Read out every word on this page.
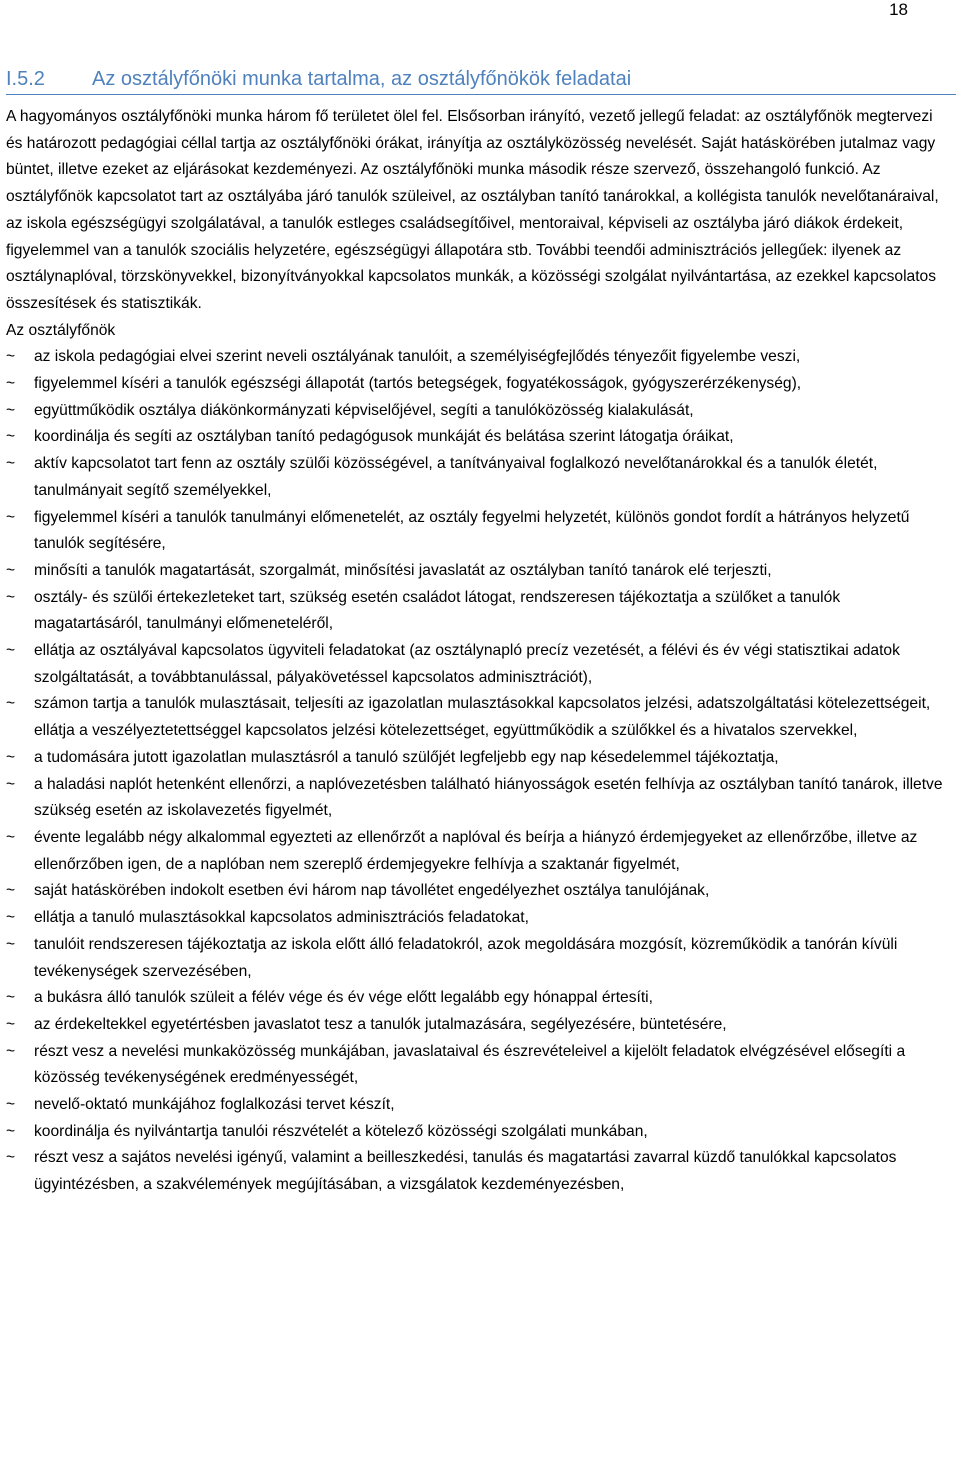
18
I.5.2 Az osztályfőnöki munka tartalma, az osztályfőnökök feladatai

A hagyományos osztályfőnöki munka három fő területet ölel fel. Elsősorban irányító, vezető jellegű feladat: az osztályfőnök megtervezi és határozott pedagógiai céllal tartja az osztályfőnöki órákat, irányítja az osztályközösség nevelését. Saját hatáskörében jutalmaz vagy büntet, illetve ezeket az eljárásokat kezdeményezi. Az osztályfőnöki munka második része szervező, összehangoló funkció. Az osztályfőnök kapcsolatot tart az osztályába járó tanulók szüleivel, az osztályban tanító tanárokkal, a kollégista tanulók nevelőtanáraival, az iskola egészségügyi szolgálatával, a tanulók estleges családsegítőivel, mentoraival, képviseli az osztályba járó diákok érdekeit, figyelemmel van a tanulók szociális helyzetére, egészségügyi állapotára stb. További teendői adminisztrációs jellegűek: ilyenek az osztálynaplóval, törzskönyvekkel, bizonyítványokkal kapcsolatos munkák, a közösségi szolgálat nyilvántartása, az ezekkel kapcsolatos összesítések és statisztikák.

Az osztályfőnök

~	az iskola pedagógiai elvei szerint neveli osztályának tanulóit, a személyiségfejlődés tényezőit figyelembe veszi,
~	figyelemmel kíséri a tanulók egészségi állapotát (tartós betegségek, fogyatékosságok, gyógyszerérzékenység),
~	együttműködik osztálya diákönkormányzati képviselőjével, segíti a tanulóközösség kialakulását,
~	koordinálja és segíti az osztályban tanító pedagógusok munkáját és belátása szerint látogatja óráikat,
~	aktív kapcsolatot tart fenn az osztály szülői közösségével, a tanítványaival foglalkozó nevelőtanárokkal és a tanulók életét, tanulmányait segítő személyekkel,
~	figyelemmel kíséri a tanulók tanulmányi előmenetelét, az osztály fegyelmi helyzetét, különös gondot fordít a hátrányos helyzetű tanulók segítésére,
~	minősíti a tanulók magatartását, szorgalmát, minősítési javaslatát az osztályban tanító tanárok elé terjeszti,
~	osztály- és szülői értekezleteket tart, szükség esetén családot látogat, rendszeresen tájékoztatja a szülőket a tanulók magatartásáról, tanulmányi előmeneteléről,
~	ellátja az osztályával kapcsolatos ügyviteli feladatokat (az osztálynapló precíz vezetését, a félévi és év végi statisztikai adatok szolgáltatását, a továbbtanulással, pályakövetéssel kapcsolatos adminisztrációt),
~	számon tartja a tanulók mulasztásait, teljesíti az igazolatlan mulasztásokkal kapcsolatos jelzési, adatszolgáltatási kötelezettségeit, ellátja a veszélyeztetettséggel kapcsolatos jelzési kötelezettséget, együttműködik a szülőkkel és a hivatalos szervekkel,
~	a tudomására jutott igazolatlan mulasztásról a tanuló szülőjét legfeljebb egy nap késedelemmel tájékoztatja,
~	a haladási naplót hetenként ellenőrzi, a naplóvezetésben található hiányosságok esetén felhívja az osztályban tanító tanárok, illetve szükség esetén az iskolavezetés figyelmét,
~	évente legalább négy alkalommal egyezteti az ellenőrzőt a naplóval és beírja a hiányzó érdemjegyeket az ellenőrzőbe, illetve az ellenőrzőben igen, de a naplóban nem szereplő érdemjegyekre felhívja a szaktanár figyelmét,
~	saját hatáskörében indokolt esetben évi három nap távollétet engedélyezhet osztálya tanulójának,
~	ellátja a tanuló mulasztásokkal kapcsolatos adminisztrációs feladatokat,
~	tanulóit rendszeresen tájékoztatja az iskola előtt álló feladatokról, azok megoldására mozgósít, közreműködik a tanórán kívüli tevékenységek szervezésében,
~	a bukásra álló tanulók szüleit a félév vége és év vége előtt legalább egy hónappal értesíti,
~	az érdekeltekkel egyetértésben javaslatot tesz a tanulók jutalmazására, segélyezésére, büntetésére,
~	részt vesz a nevelési munkaközösség munkájában, javaslataival és észrevételeivel a kijelölt feladatok elvégzésével elősegíti a közösség tevékenységének eredményességét,
~	nevelő-oktató munkájához foglalkozási tervet készít,
~	koordinálja és nyilvántartja tanulói részvételét a kötelező közösségi szolgálati munkában,
~	részt vesz a sajátos nevelési igényű, valamint a beilleszkedési, tanulás és magatartási zavarral küzdő tanulókkal kapcsolatos ügyintézésben, a szakvélemények megújításában, a vizsgálatok kezdeményezésben,
